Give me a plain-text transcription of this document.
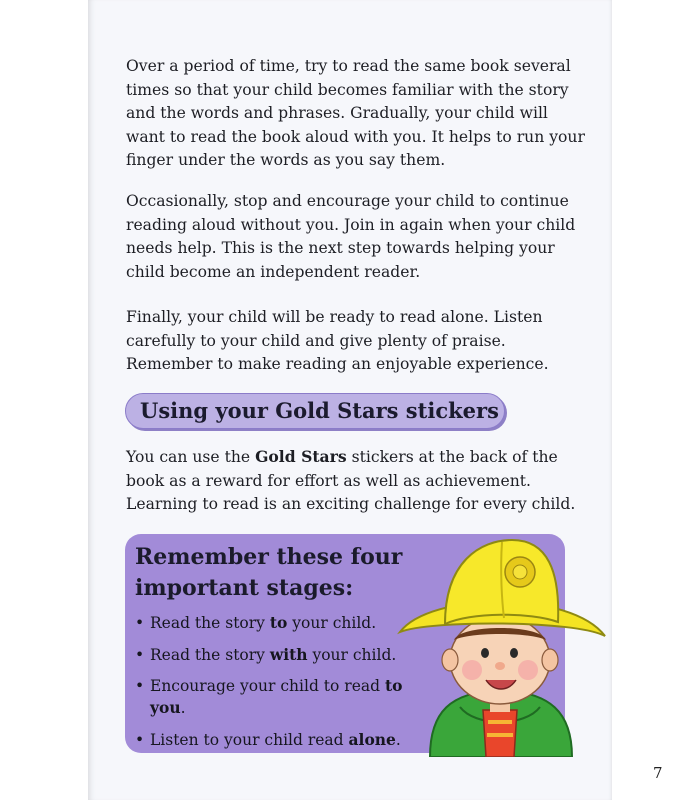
Over a period of time, try to read the same book several times so that your child becomes familiar with the story and the words and phrases. Gradually, your child will want to read the book aloud with you. It helps to run your finger under the words as you say them.

Occasionally, stop and encourage your child to continue reading aloud without you. Join in again when your child needs help. This is the next step towards helping your child become an independent reader.

Finally, your child will be ready to read alone. Listen carefully to your child and give plenty of praise. Remember to make reading an enjoyable experience.

Using your Gold Stars stickers

You can use the Gold Stars stickers at the back of the book as a reward for effort as well as achievement. Learning to read is an exciting challenge for every child.

Remember these four important stages:
• Read the story to your child.
• Read the story with your child.
• Encourage your child to read to you.
• Listen to your child read alone.
7
